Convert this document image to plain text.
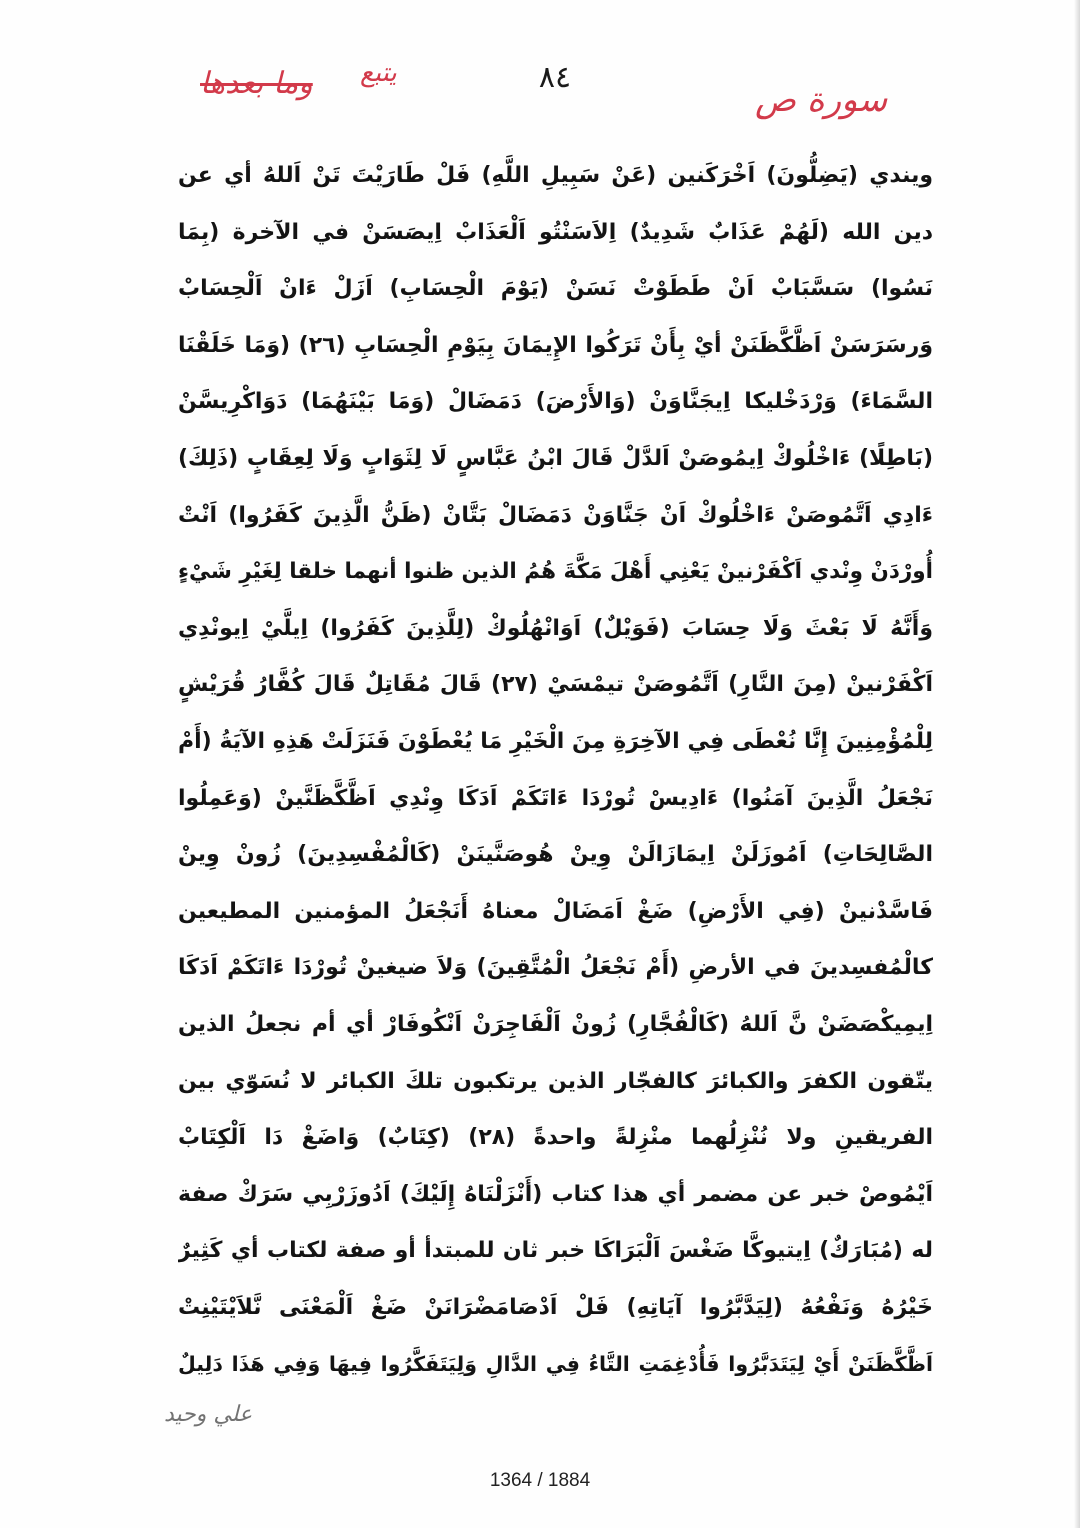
وما بعدها يتبع	٨٤
سورة ص
ويندي (يَضِلُّونَ) اَخْرَكَنين (عَنْ سَبِيلِ اللَّهِ) فَلْ طَارَيْتَ تَنْ اَللهُ أي عن
دين الله (لَهُمْ عَذَابٌ شَدِيدٌ) اِلاَسَنْتُو اَلْعَذَابْ اِيصَسَنْ في الآخرة (بِمَا
نَسُوا) سَسَّبَابْ اَنْ طَطَوْتْ نَسَنْ (يَوْمَ الْحِسَابِ) اَزَلْ ءَانْ اَلْحِسَابْ
وَرسَرَسَنْ اَظَّكَّظَنَنْ أيْ بِأَنْ تَرَكُوا الإِيمَانَ بِيَوْمِ الْحِسَابِ (٢٦) (وَمَا خَلَقْنَا
السَّمَاءَ) وَرْدَخْليكا اِيجَنَّاوَنْ (وَالأَرْضَ) دَمَضَالْ (وَمَا بَيْنَهُمَا) دَوَاكْرِيسَّنْ
(بَاطِلًا) ءَاخْلُوكْ اِيمُوصَنْ اَلدَّلْ قَالَ ابْنُ عَبَّاسٍ لَا لِثَوَابٍ وَلَا لِعِقَابٍ (ذَلِكَ)
ءَادِي اَتَّمُوصَنْ ءَاخْلُوكْ اَنْ جَنَّاوَنْ دَمَضَالْ بَتَّانْ (ظَنُّ الَّذِينَ كَفَرُوا) اَنْتْ
أُورْدَنْ وِنْدي اَكْفَرْنينْ يَعْنِي أَهْلَ مَكَّةَ هُمُ الذين ظنوا أنهما خلقا لِغَيْرِ شَيْءٍ
وَأَنَّهُ لَا بَعْثَ وَلَا حِسَابَ (فَوَيْلٌ) اَوَانْهُلُوكْ (لِلَّذِينَ كَفَرُوا) اِيلَّيْ اِيونْدِي
اَكْفَرْنينْ (مِنَ النَّارِ) اَتَّمُوصَنْ تيمْسَيْ (٢٧) قَالَ مُقَاتِلٌ قَالَ كُفَّارُ قُرَيْشٍ
لِلْمُؤْمِنِينَ إِنَّا نُعْطَى فِي الآخِرَةِ مِنَ الْخَيْرِ مَا يُعْطَوْنَ فَنَزَلَتْ هَذِهِ الآيَةُ (أَمْ
نَجْعَلُ الَّذِينَ آمَنُوا) ءَادِيسْ تُورْدَا ءَاتَكَمْ اَدَكَا وِنْدِي اَظَّكَّظَنَّينْ (وَعَمِلُوا
الصَّالِحَاتِ) اَمُوزَلَنْ اِيمَازَالَنْ وِينْ هُوصَنَّينَنْ (كَالْمُفْسِدِينَ) زُونْ وِينْ
فَاسَّدْنينْ (فِي الأَرْضِ) ضَغْ اَمَضَالْ معناهُ أَنَجْعَلُ المؤمنين المطيعين
كالْمُفسِدينَ في الأرضِ (أَمْ نَجْعَلُ الْمُتَّقِينَ) وَلاَ ضيغينْ تُورْدَا ءَاتَكَمْ اَدَكَا
اِيمِيكْصَضَنْ نَّ اَللهُ (كَالْفُجَّارِ) زُونْ اَلْفَاجِرَنْ اَنْكُوفَارْ أي أم نجعلُ الذين
يتّقون الكفرَ والكبائرَ كالفجّار الذين يرتكبون تلكَ الكبائر لا نُسَوّي بين
الفريقينِ ولا نُنْزِلُهما منْزِلةً واحدةً (٢٨) (كِتَابٌ) وَاضَغْ دَا اَلْكِتَابْ
اَيْمُوصْ خبر عن مضمر أي هذا كتاب (أَنْزَلْنَاهُ إِلَيْكَ) اَدُوزَرْبِي سَرَكْ صفة
له (مُبَارَكٌ) اِيتيوكَّا ضَغْسَ اَلْبَرَاكَا خبر ثان للمبتدأ أو صفة لكتاب أي كَثِيرٌ
خَيْرُهُ وَنَفْعُهُ (لِيَدَّبَّرُوا آيَاتِهِ) فَلْ اَدْصَامَضْرَانَنْ ضَغْ اَلْمَعْنَى نَّلاَيْتَيْنِتْ
اَظَّكَّظَنَنْ أَيْ لِيَتَدَبَّرُوا فَأُدْغِمَتِ التَّاءُ فِي الدَّالِ وَلِيَتَفَكَّرُوا فِيهَا وَفِي هَذَا دَلِيلٌ
علي وحيد
1364 / 1884
